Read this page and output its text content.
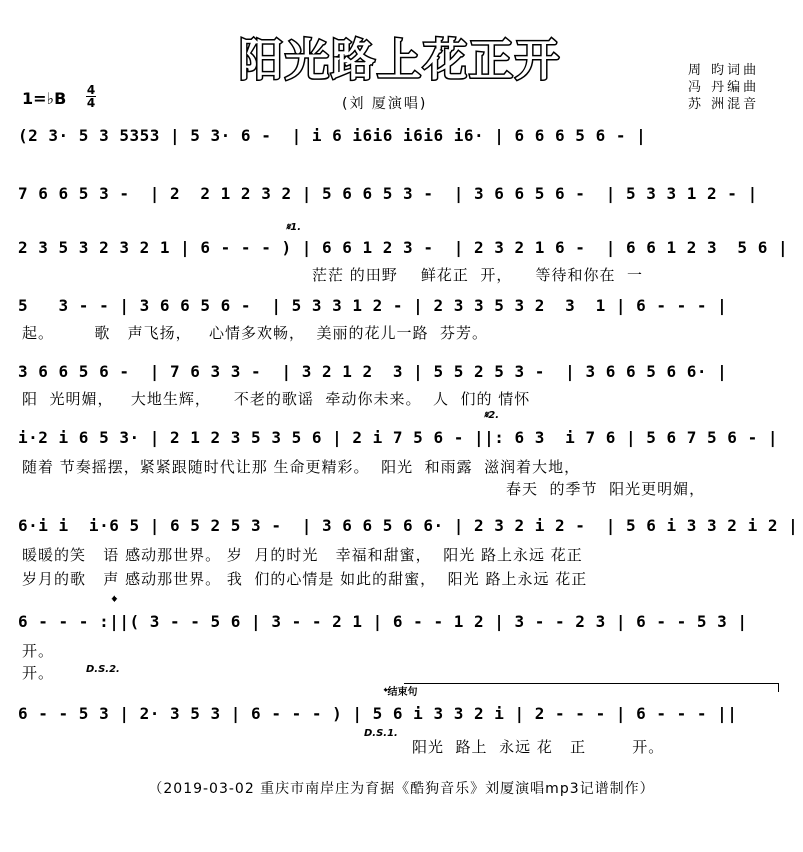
阳光路上花正开	周 昀词曲
冯 丹编曲
苏 洲混音
1=♭B 4
4	(刘 厦演唱)
(2 3· 5 3 5353 | 5 3· 6 -  | i 6 i6i6 i6i6 i6· | 6 6 6 5 6 - |
7 6 6 5 3 -  | 2  2 1 2 3 2 | 5 6 6 5 3 -  | 3 6 6 5 6 -  | 5 3 3 1 2 - |
𝄋1.
2 3 5 3 2 3 2 1 | 6 - - - ) | 6 6 1 2 3 -  | 2 3 2 1 6 -  | 6 6 1 2 3  5 6 |
茫茫 的田野    鲜花正  开，    等待和你在  一
5   3 - - | 3 6 6 5 6 -  | 5 3 3 1 2 - | 2 3 3 5 3 2  3  1 | 6 - - - |
起。       歌   声飞扬，   心情多欢畅，  美丽的花儿一路  芬芳。
3 6 6 5 6 -  | 7 6 3 3 -  | 3 2 1 2  3 | 5 5 2 5 3 -  | 3 6 6 5 6 6· |
阳  光明媚，   大地生辉，    不老的歌谣  牵动你未来。  人  们的 情怀
𝄋2.
i·2 i 6 5 3· | 2 1 2 3 5 3 5 6 | 2 i 7 5 6 - ||: 6 3  i 7 6 | 5 6 7 5 6 - |
随着 节奏摇摆，紧紧跟随时代让那 生命更精彩。  阳光  和雨露  滋润着大地，
春天  的季节  阳光更明媚，
6·i i  i·6 5 | 6 5 2 5 3 -  | 3 6 6 5 6 6· | 2 3 2 i 2 -  | 5 6 i 3 3 2 i 2 |
暖暖的笑   语 感动那世界。 岁  月的时光   幸福和甜蜜，  阳光 路上永远 花正
岁月的歌   声 感动那世界。 我  们的心情是 如此的甜蜜，  阳光 路上永远 花正
𝄌
6 - - - :||( 3 - - 5 6 | 3 - - 2 1 | 6 - - 1 2 | 3 - - 2 3 | 6 - - 5 3 |
开。
开。	D.S.2.
𝄌结束句
6 - - 5 3 | 2· 3 5 3 | 6 - - - ) | 5 6 i 3 3 2 i | 2 - - - | 6 - - - ||
D.S.1.
阳光  路上  永远 花   正        开。
（2019-03-02 重庆市南岸庄为育据《酷狗音乐》刘厦演唱mp3记谱制作）
